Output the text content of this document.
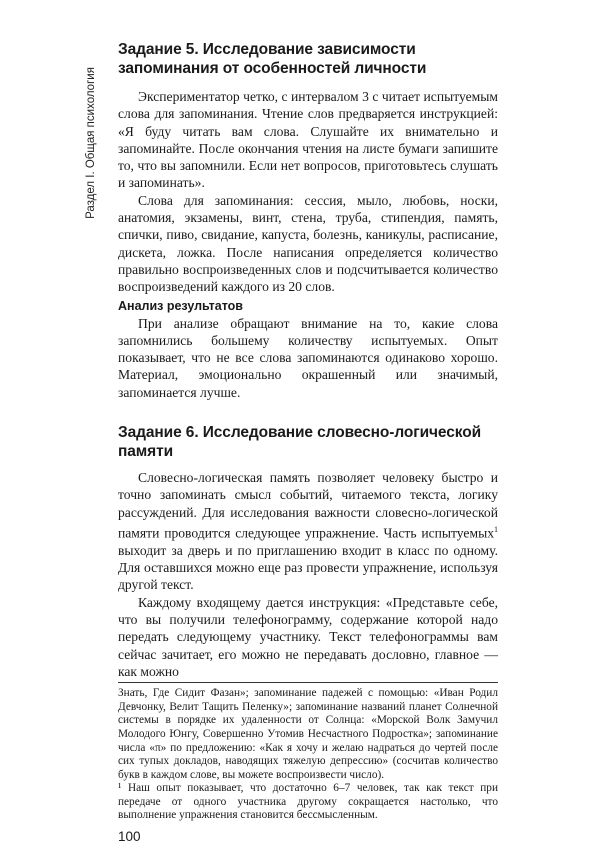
Раздел I. Общая психология
Задание 5. Исследование зависимости запоминания от особенностей личности

Экспериментатор четко, с интервалом 3 с читает испытуемым слова для запоминания. Чтение слов предваряется инструкцией: «Я буду читать вам слова. Слушайте их внимательно и запоминайте. После окончания чтения на листе бумаги запишите то, что вы запомнили. Если нет вопросов, приготовьтесь слушать и запоминать».

Слова для запоминания: сессия, мыло, любовь, носки, анатомия, экзамены, винт, стена, труба, стипендия, память, спички, пиво, свидание, капуста, болезнь, каникулы, расписание, дискета, ложка. После написания определяется количество правильно воспроизведенных слов и подсчитывается количество воспроизведений каждого из 20 слов.

Анализ результатов

При анализе обращают внимание на то, какие слова запомнились большему количеству испытуемых. Опыт показывает, что не все слова запоминаются одинаково хорошо. Материал, эмоционально окрашенный или значимый, запоминается лучше.

Задание 6. Исследование словесно-логической памяти

Словесно-логическая память позволяет человеку быстро и точно запоминать смысл событий, читаемого текста, логику рассуждений. Для исследования важности словесно-логической памяти проводится следующее упражнение. Часть испытуемых$^1$ выходит за дверь и по приглашению входит в класс по одному. Для оставшихся можно еще раз провести упражнение, используя другой текст.

Каждому входящему дается инструкция: «Представьте себе, что вы получили телефонограмму, содержание которой надо передать следующему участнику. Текст телефонограммы вам сейчас зачитает, его можно не передавать дословно, главное — как можно

Знать, Где Сидит Фазан»; запоминание падежей с помощью: «Иван Родил Девчонку, Велит Тащить Пеленку»; запоминание названий планет Солнечной системы в порядке их удаленности от Солнца: «Морской Волк Замучил Молодого Юнгу, Совершенно Утомив Несчастного Подростка»; запоминание числа «π» по предложению: «Как я хочу и желаю надраться до чертей после сих тупых докладов, наводящих тяжелую депрессию» (сосчитав количество букв в каждом слове, вы можете воспроизвести число).

¹ Наш опыт показывает, что достаточно 6–7 человек, так как текст при передаче от одного участника другому сокращается настолько, что выполнение упражнения становится бессмысленным.

100
